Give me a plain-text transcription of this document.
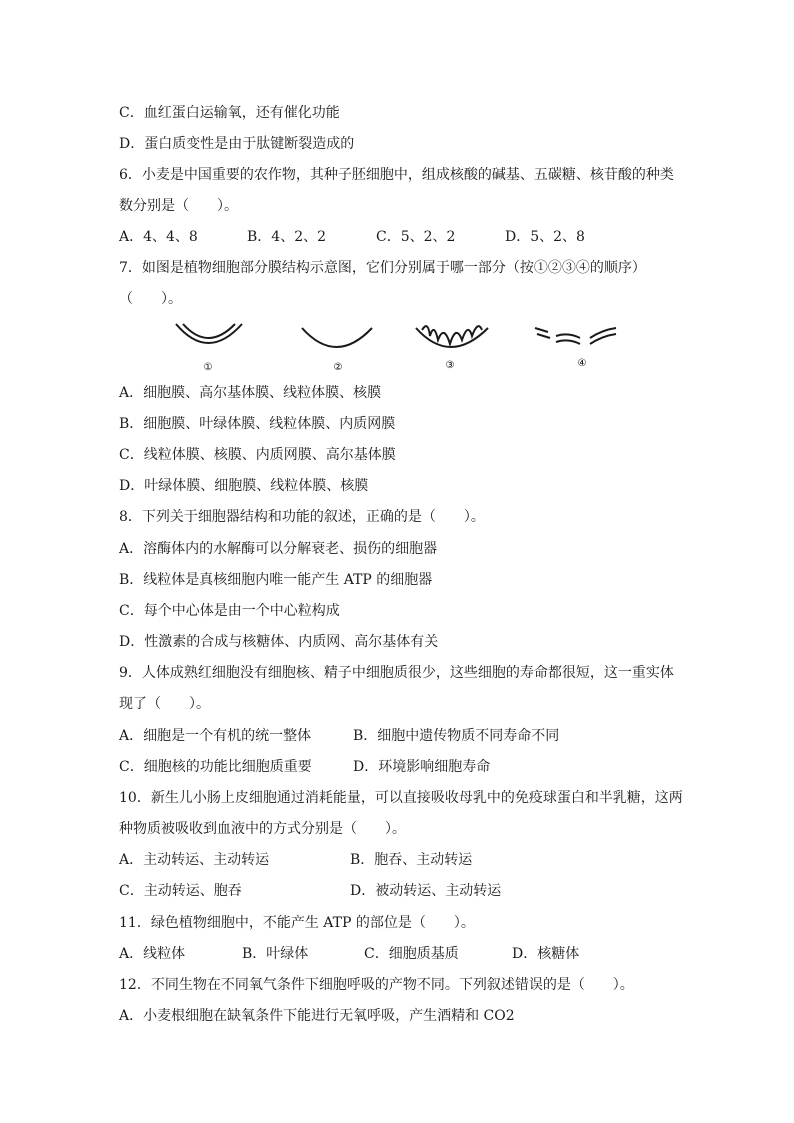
C．血红蛋白运输氧，还有催化功能
D．蛋白质变性是由于肽键断裂造成的
6．小麦是中国重要的农作物，其种子胚细胞中，组成核酸的碱基、五碳糖、核苷酸的种类
数分别是（　　）。
A．4、4、8	B．4、2、2	C．5、2、2	D．5、2、8
7．如图是植物细胞部分膜结构示意图，它们分别属于哪一部分（按①②③④的顺序）
（　　）。
①	②	③	④
A．细胞膜、高尔基体膜、线粒体膜、核膜
B．细胞膜、叶绿体膜、线粒体膜、内质网膜
C．线粒体膜、核膜、内质网膜、高尔基体膜
D．叶绿体膜、细胞膜、线粒体膜、核膜
8．下列关于细胞器结构和功能的叙述，正确的是（　　）。
A．溶酶体内的水解酶可以分解衰老、损伤的细胞器
B．线粒体是真核细胞内唯一能产生 ATP 的细胞器
C．每个中心体是由一个中心粒构成
D．性激素的合成与核糖体、内质网、高尔基体有关
9．人体成熟红细胞没有细胞核、精子中细胞质很少，这些细胞的寿命都很短，这一重实体
现了（　　）。
A．细胞是一个有机的统一整体	B．细胞中遗传物质不同寿命不同
C．细胞核的功能比细胞质重要	D．环境影响细胞寿命
10．新生儿小肠上皮细胞通过消耗能量，可以直接吸收母乳中的免疫球蛋白和半乳糖，这两
种物质被吸收到血液中的方式分别是（　　）。
A．主动转运、主动转运	B．胞吞、主动转运
C．主动转运、胞吞	D．被动转运、主动转运
11．绿色植物细胞中，不能产生 ATP 的部位是（　　）。
A．线粒体	B．叶绿体	C．细胞质基质	D．核糖体
12．不同生物在不同氧气条件下细胞呼吸的产物不同。下列叙述错误的是（　　）。
A．小麦根细胞在缺氧条件下能进行无氧呼吸，产生酒精和 CO2
